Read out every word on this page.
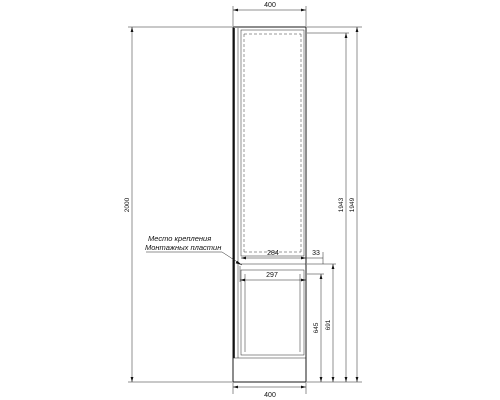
400
400
2000	1949
1943
284	33
297
691
645
Место крепления
Монтажных пластин
